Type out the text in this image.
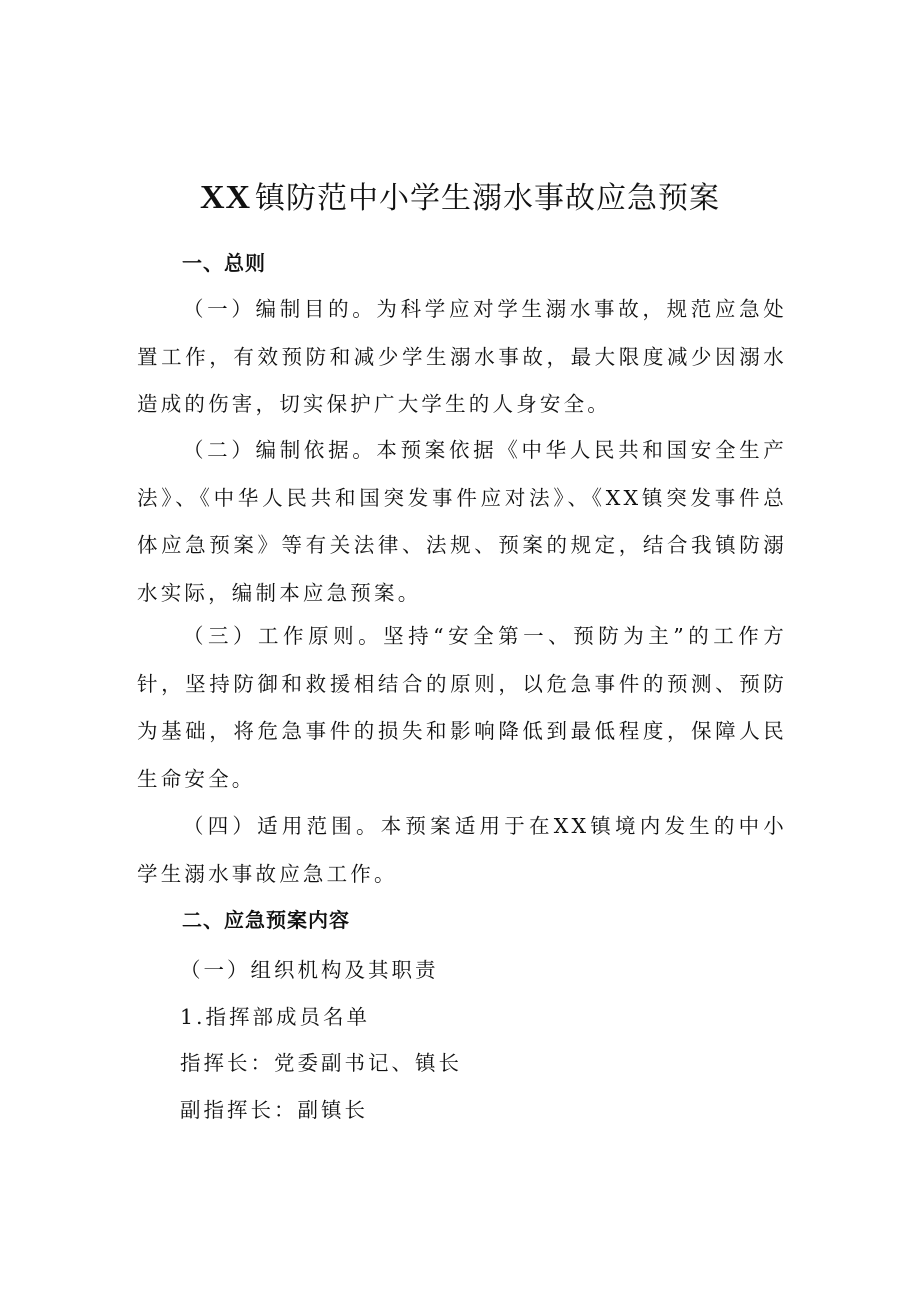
XX 镇防范中小学生溺水事故应急预案
一、总则

（一）编制目的。为科学应对学生溺水事故，规范应急处置工作，有效预防和减少学生溺水事故，最大限度减少因溺水造成的伤害，切实保护广大学生的人身安全。

（二）编制依据。本预案依据《中华人民共和国安全生产法》、《中华人民共和国突发事件应对法》、《XX镇突发事件总体应急预案》等有关法律、法规、预案的规定，结合我镇防溺水实际，编制本应急预案。

（三）工作原则。坚持“安全第一、预防为主”的工作方针，坚持防御和救援相结合的原则，以危急事件的预测、预防为基础，将危急事件的损失和影响降低到最低程度，保障人民生命安全。

（四）适用范围。本预案适用于在XX镇境内发生的中小学生溺水事故应急工作。

二、应急预案内容

（一）组织机构及其职责

1.指挥部成员名单

指挥长：党委副书记、镇长

副指挥长：副镇长
